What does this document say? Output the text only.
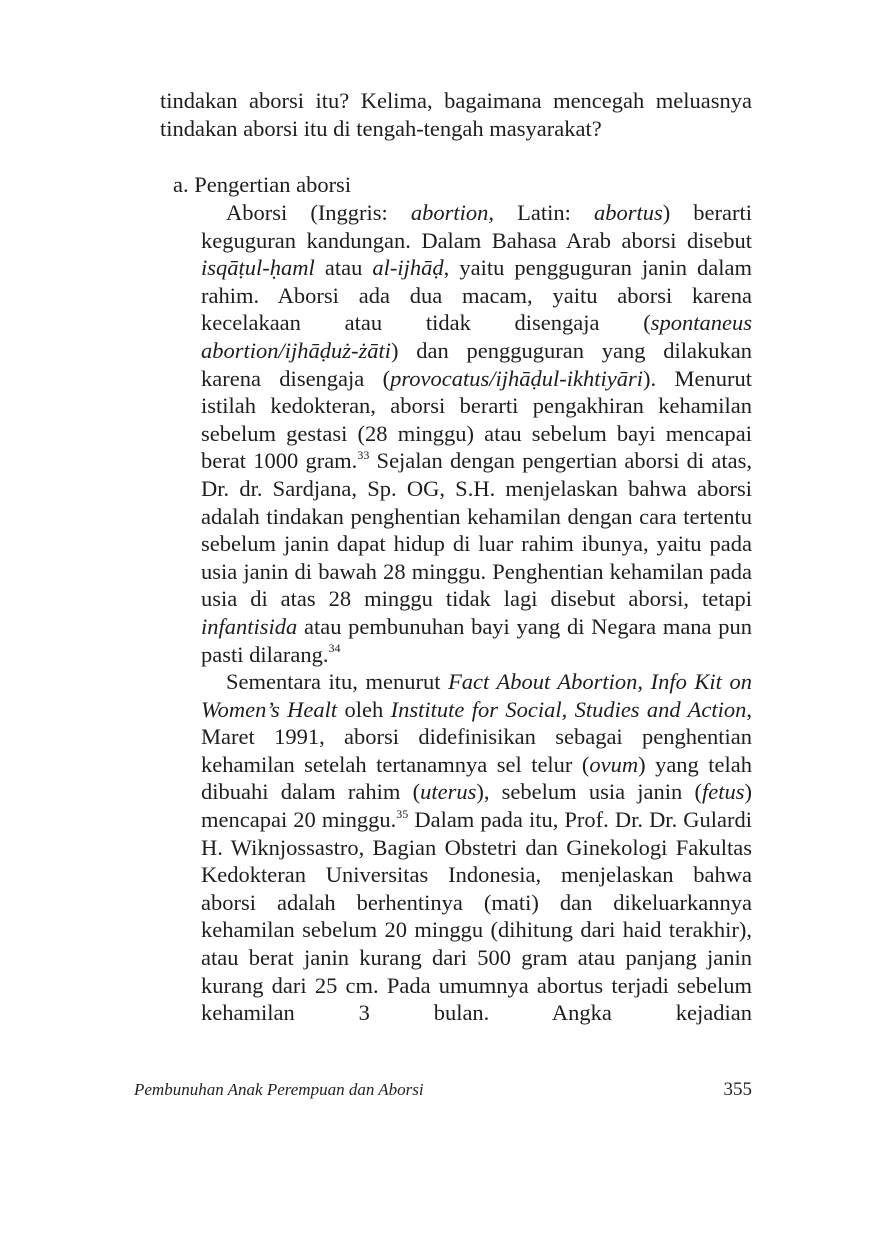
tindakan aborsi itu? Kelima, bagaimana mencegah meluasnya tindakan aborsi itu di tengah-tengah masyarakat?
a. Pengertian aborsi

Aborsi (Inggris: abortion, Latin: abortus) berarti keguguran kandungan. Dalam Bahasa Arab aborsi disebut isqāṭul-ḥaml atau al-ijhāḍ, yaitu pengguguran janin dalam rahim. Aborsi ada dua macam, yaitu aborsi karena kecelakaan atau tidak disengaja (spontaneus abortion/ijhāḍuż-żāti) dan pengguguran yang dilakukan karena disengaja (provocatus/ijhāḍul-ikhtiyāri). Menurut istilah kedokteran, aborsi berarti pengakhiran kehamilan sebelum gestasi (28 minggu) atau sebelum bayi mencapai berat 1000 gram.$^{33}$ Sejalan dengan pengertian aborsi di atas, Dr. dr. Sardjana, Sp. OG, S.H. menjelaskan bahwa aborsi adalah tindakan penghentian kehamilan dengan cara tertentu sebelum janin dapat hidup di luar rahim ibunya, yaitu pada usia janin di bawah 28 minggu. Penghentian kehamilan pada usia di atas 28 minggu tidak lagi disebut aborsi, tetapi infantisida atau pembunuhan bayi yang di Negara mana pun pasti dilarang.$^{34}$

Sementara itu, menurut Fact About Abortion, Info Kit on Women’s Healt oleh Institute for Social, Studies and Action, Maret 1991, aborsi didefinisikan sebagai penghentian kehamilan setelah tertanamnya sel telur (ovum) yang telah dibuahi dalam rahim (uterus), sebelum usia janin (fetus) mencapai 20 minggu.$^{35}$ Dalam pada itu, Prof. Dr. Dr. Gulardi H. Wiknjossastro, Bagian Obstetri dan Ginekologi Fakultas Kedokteran Universitas Indonesia, menjelaskan bahwa aborsi adalah berhentinya (mati) dan dikeluarkannya kehamilan sebelum 20 minggu (dihitung dari haid terakhir), atau berat janin kurang dari 500 gram atau panjang janin kurang dari 25 cm. Pada umumnya abortus terjadi sebelum kehamilan 3 bulan. Angka kejadian

Pembunuhan Anak Perempuan dan Aborsi	355
